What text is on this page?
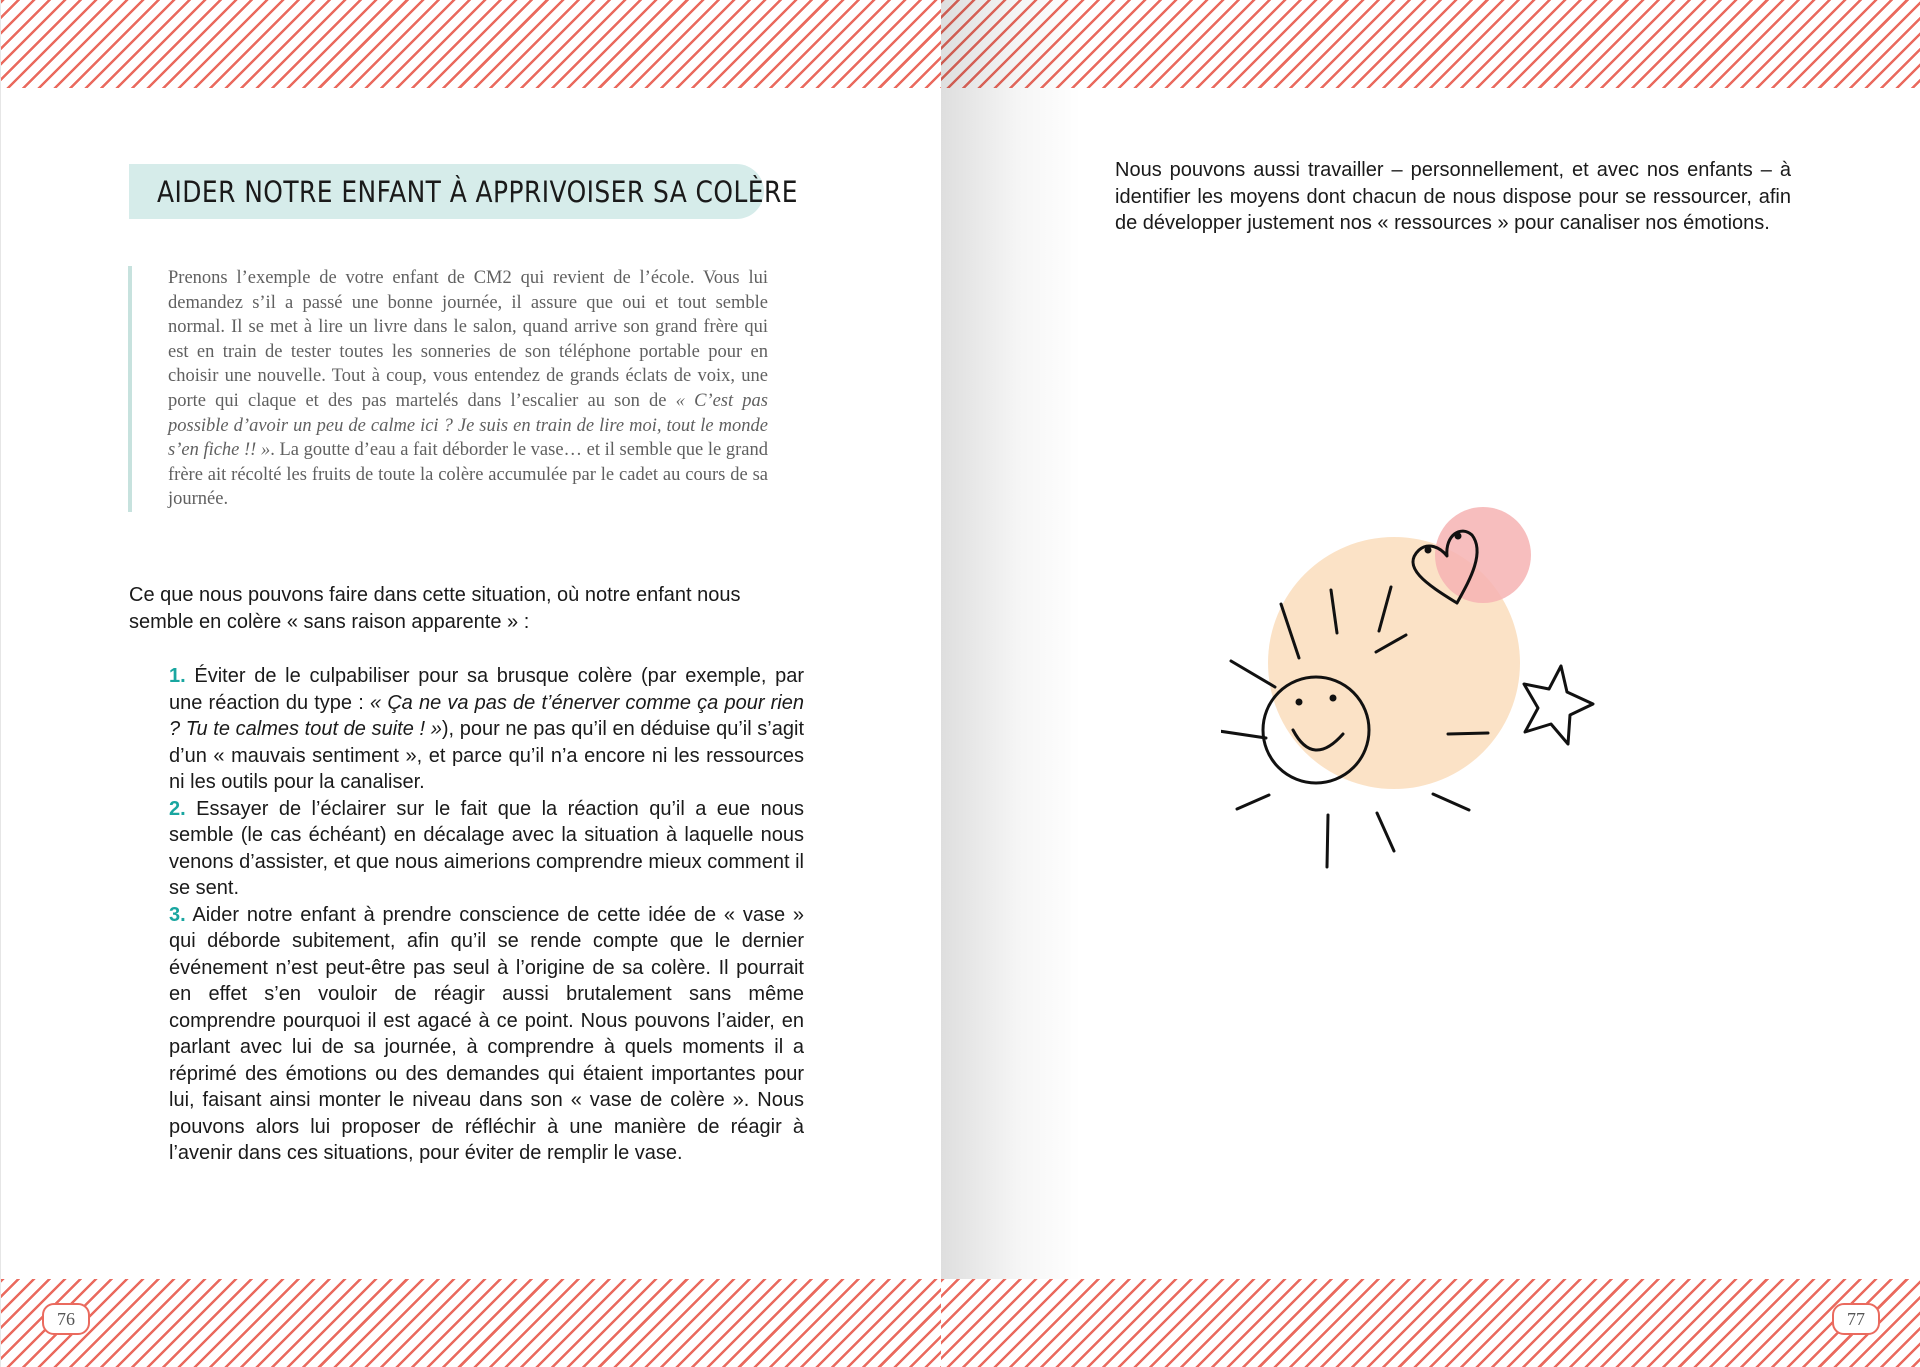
AIDER NOTRE ENFANT À APPRIVOISER SA COLÈRE

Prenons l’exemple de votre enfant de CM2 qui revient de l’école. Vous lui demandez s’il a passé une bonne journée, il assure que oui et tout semble normal. Il se met à lire un livre dans le salon, quand arrive son grand frère qui est en train de tester toutes les sonneries de son téléphone portable pour en choisir une nouvelle. Tout à coup, vous entendez de grands éclats de voix, une porte qui claque et des pas martelés dans l’escalier au son de « C’est pas possible d’avoir un peu de calme ici ? Je suis en train de lire moi, tout le monde s’en fiche !! ». La goutte d’eau a fait déborder le vase… et il semble que le grand frère ait récolté les fruits de toute la colère accumulée par le cadet au cours de sa journée.

Ce que nous pouvons faire dans cette situation, où notre enfant nous semble en colère « sans raison apparente » :

1. Éviter de le culpabiliser pour sa brusque colère (par exemple, par une réaction du type : « Ça ne va pas de t’énerver comme ça pour rien ? Tu te calmes tout de suite ! »), pour ne pas qu’il en déduise qu’il s’agit d’un « mauvais sentiment », et parce qu’il n’a encore ni les ressources ni les outils pour la canaliser.

2. Essayer de l’éclairer sur le fait que la réaction qu’il a eue nous semble (le cas échéant) en décalage avec la situation à laquelle nous venons d’assister, et que nous aimerions comprendre mieux comment il se sent.

3. Aider notre enfant à prendre conscience de cette idée de « vase » qui déborde subitement, afin qu’il se rende compte que le dernier événement n’est peut-être pas seul à l’origine de sa colère. Il pourrait en effet s’en vouloir de réagir aussi brutalement sans même comprendre pourquoi il est agacé à ce point. Nous pouvons l’aider, en parlant avec lui de sa journée, à comprendre à quels moments il a réprimé des émotions ou des demandes qui étaient importantes pour lui, faisant ainsi monter le niveau dans son « vase de colère ». Nous pouvons alors lui proposer de réfléchir à une manière de réagir à l’avenir dans ces situations, pour éviter de remplir le vase.

76

Nous pouvons aussi travailler – personnellement, et avec nos enfants – à identifier les moyens dont chacun de nous dispose pour se ressourcer, afin de développer justement nos « ressources » pour canaliser nos émotions.

77
